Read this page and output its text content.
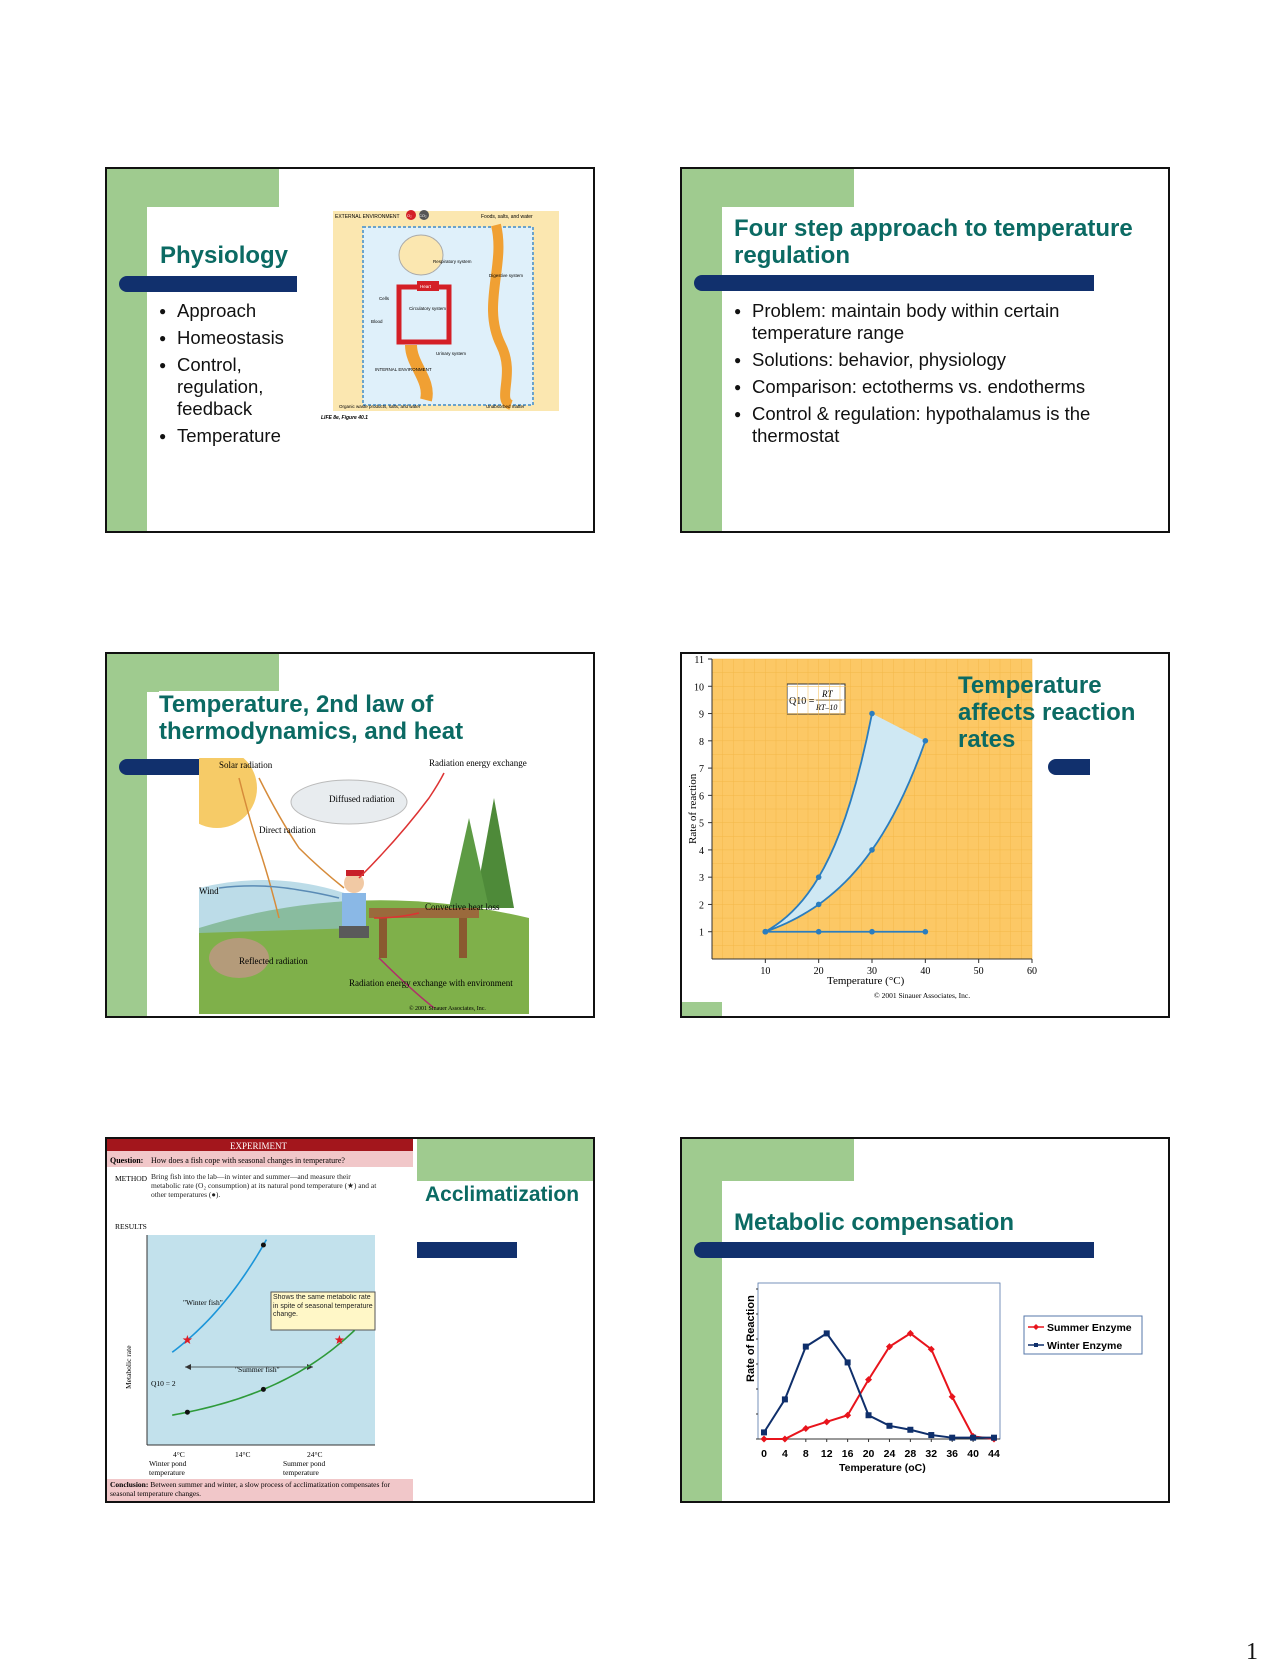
Physiology
● Approach
● Homeostasis
● Control, regulation, feedback
● Temperature
EXTERNAL ENVIRONMENT O₂ CO₂	Foods, salts, and water
Respiratory system
Digestive system
Heart
Cells
Circulatory system
Blood
Urinary system
INTERNAL ENVIRONMENT
Organic waste products, salts, and water	Unabsorbed matter
LIFE 8e, Figure 40.1
Four step approach to temperature regulation
● Problem: maintain body within certain temperature range
● Solutions: behavior, physiology
● Comparison: ectotherms vs. endotherms
● Control & regulation: hypothalamus is the thermostat
Temperature, 2nd law of thermodynamics, and heat
Solar radiation
Diffused radiation
Radiation energy exchange
Direct radiation
Wind
Convective heat loss
Reflected radiation
Radiation energy exchange with environment
© 2001 Sinauer Associates, Inc.
Rate of reaction
Temperature (°C)
© 2001 Sinauer Associates, Inc.
Q10 =
RT
RT–10
1
2
3
4
5
6
7
8
9
10
11
10	20	30	40	50	60
Temperature affects reaction rates
Acclimatization
EXPERIMENT
Question: How does a fish cope with seasonal changes in temperature?
METHOD Bring fish into the lab—in winter and summer—and measure their metabolic rate (O₂ consumption) at its natural pond temperature (★) and at other temperatures (●).
RESULTS
Metabolic rate
"Winter fish"
"Summer fish"
Q10 = 2
Shows the same metabolic rate in spite of seasonal temperature change.
4°C	14°C	24°C
Winter pond temperature
Summer pond temperature
Conclusion: Between summer and winter, a slow process of acclimatization compensates for seasonal temperature changes.
Metabolic compensation
Rate of Reaction
Temperature (oC)
Summer Enzyme
Winter Enzyme
0 4 8 12 16 20 24 28 32 36 40 44
1
